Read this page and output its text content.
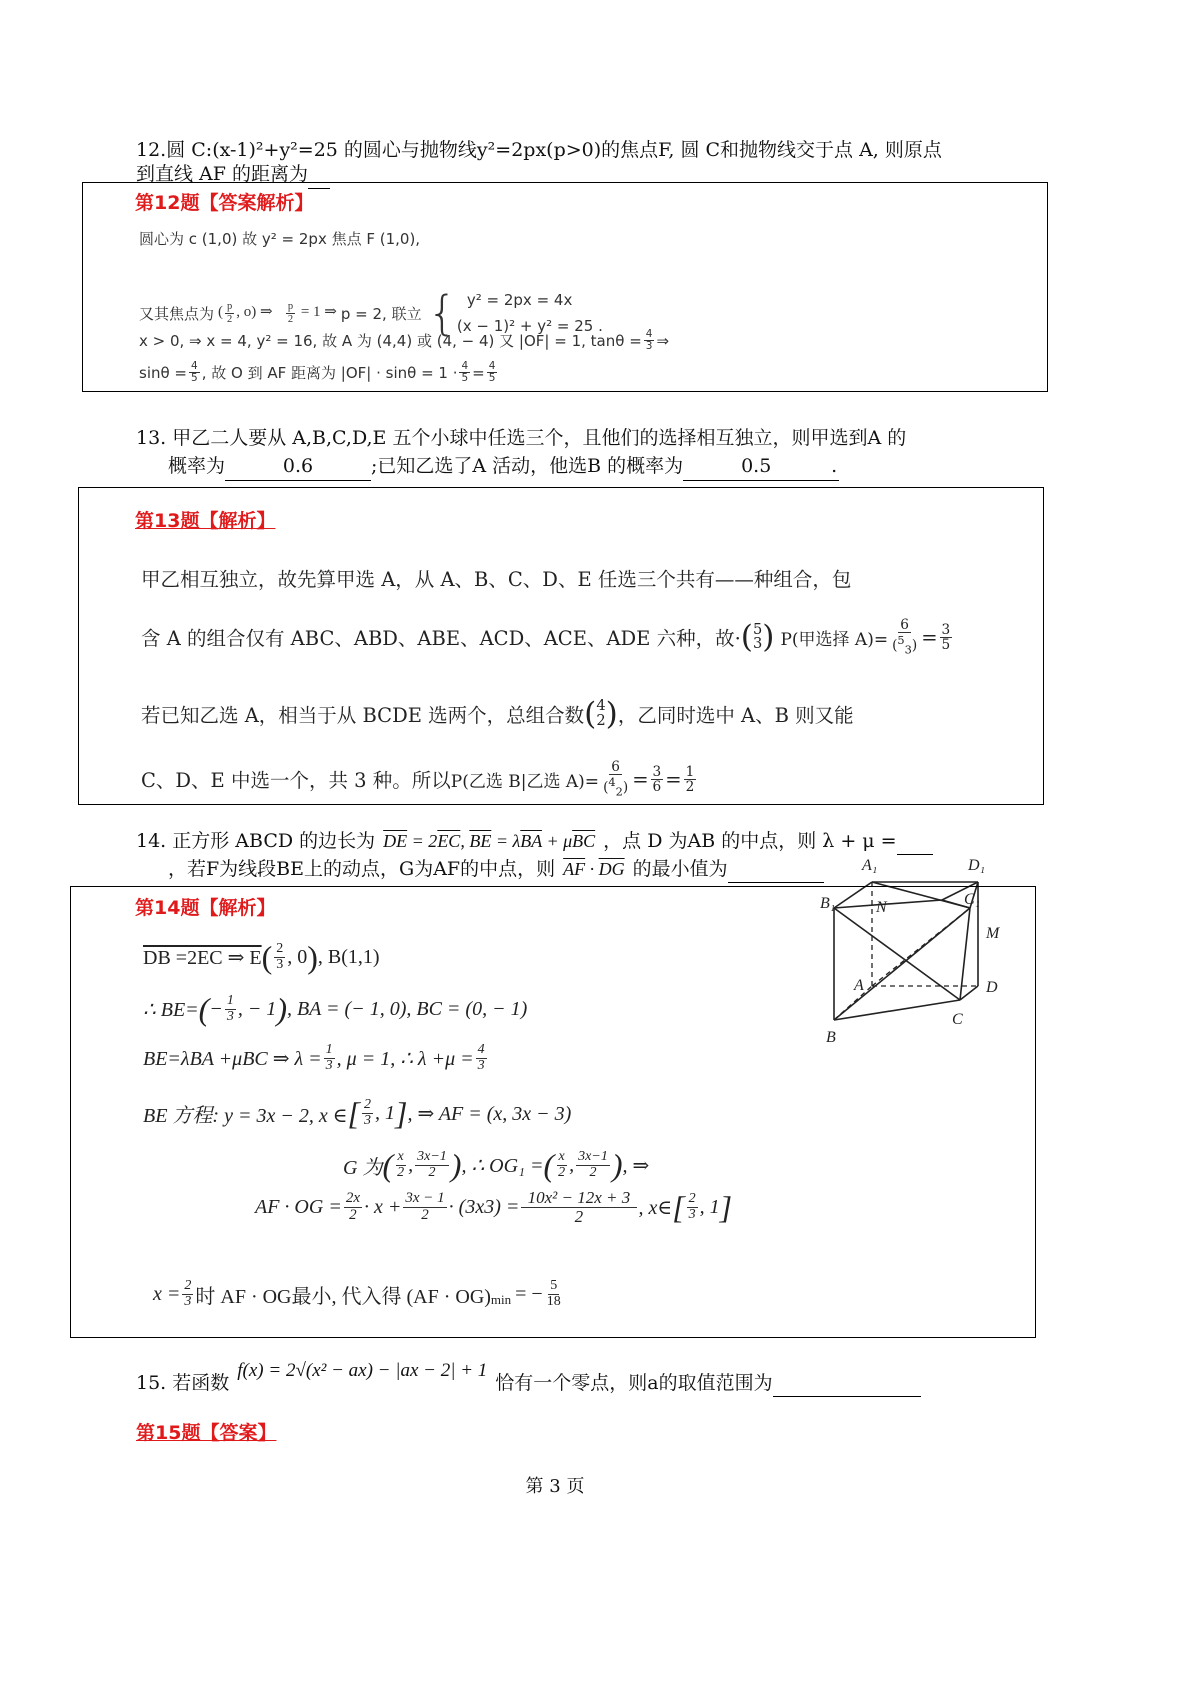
12.圆 C:(x-1)²+y²=25 的圆心与抛物线y²=2px(p>0)的焦点F, 圆 C和抛物线交于点 A, 则原点
到直线 AF 的距离为
第12题【答案解析】
圆心为 c (1,0) 故 y² = 2px 焦点 F (1,0),
又其焦点为 ( $\frac{p}{2}$ , o) ⇒ $\frac{p}{2} = 1$ ⇒ p = 2, 联立 { y² = 2px = 4x
(x − 1)² + y² = 25 .
x > 0, ⇒ x = 4, y² = 16, 故 A 为 (4,4) 或 (4, − 4) 又 |OF| = 1, $\tan\theta = \frac{4}{3}$ ⇒
$\sin\theta = \frac{4}{5}$ , 故 O 到 AF 距离为 $|OF| \cdot \sin\theta = 1 \cdot \frac{4}{5} = \frac{4}{5}$
13. 甲乙二人要从 A,B,C,D,E 五个小球中任选三个，且他们的选择相互独立，则甲选到A 的
概率为	0.6	;已知乙选了A 活动，他选B 的概率为	0.5	.
第13题【解析】
甲乙相互独立，故先算甲选 A，从 A、B、C、D、E 任选三个共有——种组合，包
含 A 的组合仅有 ABC、ABD、ABE、ACD、ACE、ADE 六种，故· ( 5
3 ) P(甲选择 $A)= \frac{6}{(^5_3)} = \frac{3}{5}$
若已知乙选 A，相当于从 BCDE 选两个，总组合数 ( 4
2 ) ，乙同时选中 A、B 则又能
C、D、E 中选一个，共 3 种。所以 P(乙选 B|乙选 $A)= \frac{6}{(^4_2)} = \frac{3}{6} = \frac{1}{2}$
14. 正方形 ABCD 的边长为 $\overline{DE} = 2\overline{EC}$, $\overline{BE} = \lambda\overline{BA} + \mu\overline{BC}$ ，点 D 为AB 的中点，则 λ + μ =

，若F为线段BE上的动点，G为AF的中点，则 $\overline{AF} \cdot \overline{DG}$ 的最小值为
	A₁	D₁
B₁	N	C₁
M
A	D
C
B
第14题【解析】
DB =2EC ⇒ E ( $\frac{2}{3}$ , 0 ) , B(1,1)
∴ BE= ( − $\frac{1}{3}$ , − 1 ) , BA = (− 1, 0), BC = (0, − 1)
BE=λBA +μBC ⇒ $\lambda = \frac{1}{3}$ , μ = 1, ∴ $\lambda +\mu = \frac{4}{3}$
BE 方程: y = 3x − 2, x ∈ [ $\frac{2}{3}$ , 1 ] , ⇒ AF = (x, 3x − 3)
G 为 ( $\frac{x}{2}$ , $\frac{3x-1}{2}$ ) , ∴ OG₁ = ( $\frac{x}{2}$ , $\frac{3x-1}{2}$ ) , ⇒
AF · OG = $\frac{2x}{2} \cdot x + \frac{3x - 1}{2} \cdot (3x3) = \frac{\text{10x² − 12x + 3}}{2}$ , x∈ [ $\frac{2}{3}$ , 1 ]
$x = \frac{2}{3}$ 时 AF · OG最小, 代入得 $(AF \cdot OG)_{min}$ = − $\frac{5}{18}$
15. 若函数
f(x) = 2√(x² − ax) − |ax − 2| + 1
恰有一个零点，则a的取值范围为

第15题【答案】
第 3 页
